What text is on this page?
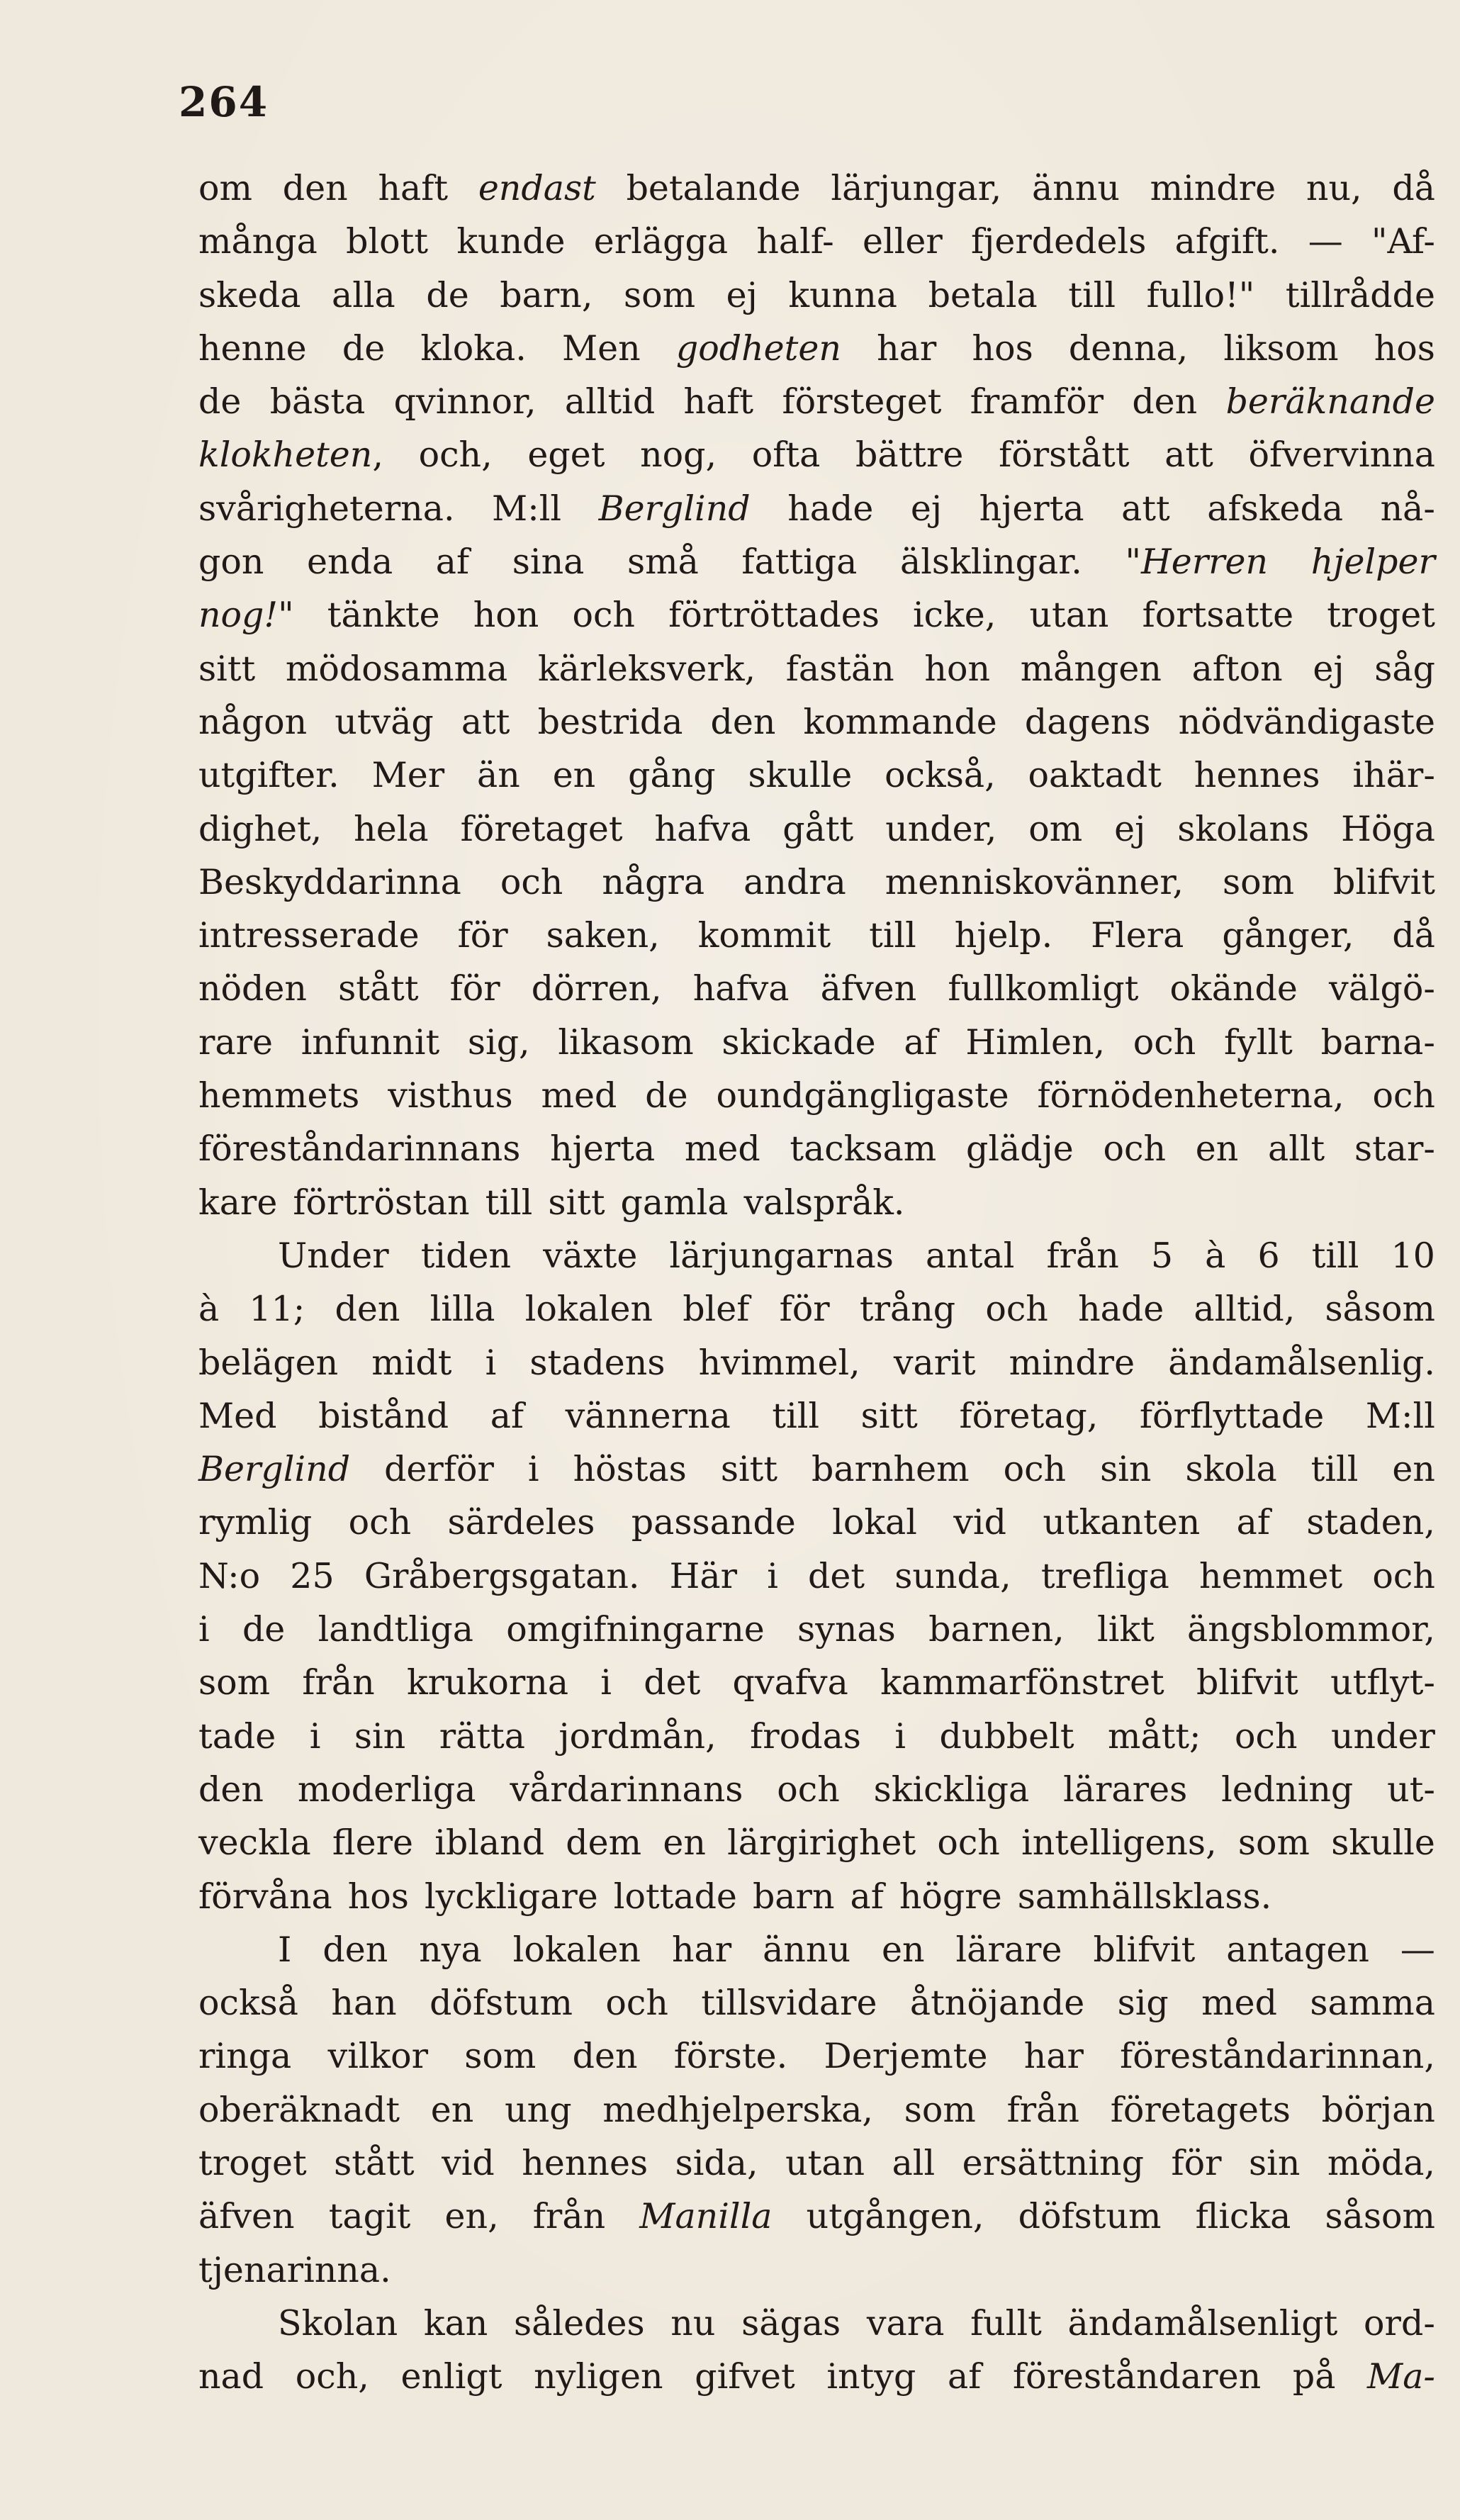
264
om den haft endast betalande lärjungar, ännu mindre nu, då
många blott kunde erlägga half- eller fjerdedels afgift. — "Af-
skeda alla de barn, som ej kunna betala till fullo!" tillrådde
henne de kloka. Men godheten har hos denna, liksom hos
de bästa qvinnor, alltid haft försteget framför den beräknande
klokheten, och, eget nog, ofta bättre förstått att öfvervinna
svårigheterna. M:ll Berglind hade ej hjerta att afskeda nå-
gon enda af sina små fattiga älsklingar. "Herren hjelper
nog!" tänkte hon och förtröttades icke, utan fortsatte troget
sitt mödosamma kärleksverk, fastän hon mången afton ej såg
någon utväg att bestrida den kommande dagens nödvändigaste
utgifter. Mer än en gång skulle också, oaktadt hennes ihär-
dighet, hela företaget hafva gått under, om ej skolans Höga
Beskyddarinna och några andra menniskovänner, som blifvit
intresserade för saken, kommit till hjelp. Flera gånger, då
nöden stått för dörren, hafva äfven fullkomligt okände välgö-
rare infunnit sig, likasom skickade af Himlen, och fyllt barna-
hemmets visthus med de oundgängligaste förnödenheterna, och
föreståndarinnans hjerta med tacksam glädje och en allt star-
kare förtröstan till sitt gamla valspråk.
Under tiden växte lärjungarnas antal från 5 à 6 till 10
à 11; den lilla lokalen blef för trång och hade alltid, såsom
belägen midt i stadens hvimmel, varit mindre ändamålsenlig.
Med bistånd af vännerna till sitt företag, förflyttade M:ll
Berglind derför i höstas sitt barnhem och sin skola till en
rymlig och särdeles passande lokal vid utkanten af staden,
N:o 25 Gråbergsgatan. Här i det sunda, trefliga hemmet och
i de landtliga omgifningarne synas barnen, likt ängsblommor,
som från krukorna i det qvafva kammarfönstret blifvit utflyt-
tade i sin rätta jordmån, frodas i dubbelt mått; och under
den moderliga vårdarinnans och skickliga lärares ledning ut-
veckla flere ibland dem en lärgirighet och intelligens, som skulle
förvåna hos lyckligare lottade barn af högre samhällsklass.
I den nya lokalen har ännu en lärare blifvit antagen —
också han döfstum och tillsvidare åtnöjande sig med samma
ringa vilkor som den förste. Derjemte har föreståndarinnan,
oberäknadt en ung medhjelperska, som från företagets början
troget stått vid hennes sida, utan all ersättning för sin möda,
äfven tagit en, från Manilla utgången, döfstum flicka såsom
tjenarinna.
Skolan kan således nu sägas vara fullt ändamålsenligt ord-
nad och, enligt nyligen gifvet intyg af föreståndaren på Ma-
